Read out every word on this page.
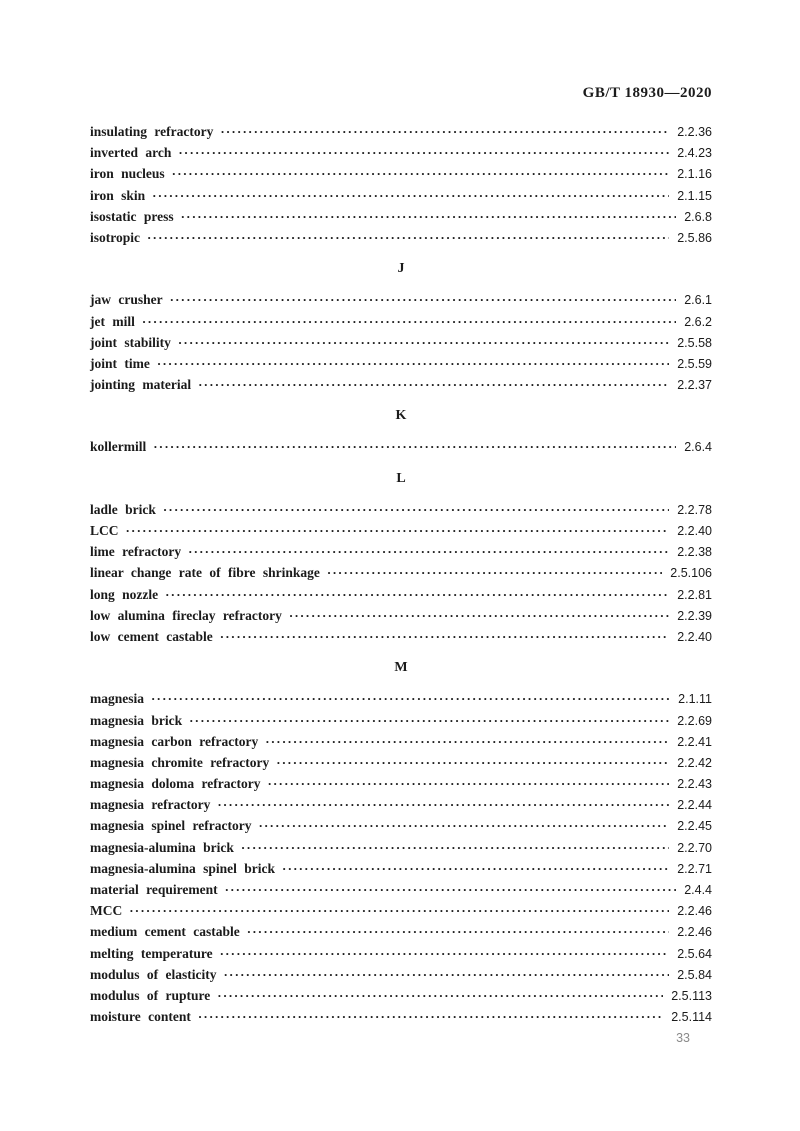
GB/T 18930—2020
insulating refractory ·····	2.2.36
inverted arch ·····	2.4.23
iron nucleus ·····	2.1.16
iron skin ·····	2.1.15
isostatic press ·····	2.6.8
isotropic ·····	2.5.86
J
jaw crusher ·····	2.6.1
jet mill ·····	2.6.2
joint stability ·····	2.5.58
joint time ·····	2.5.59
jointing material ·····	2.2.37
K
kollermill ·····	2.6.4
L
ladle brick ·····	2.2.78
LCC ·····	2.2.40
lime refractory ·····	2.2.38
linear change rate of fibre shrinkage ·····	2.5.106
long nozzle ·····	2.2.81
low alumina fireclay refractory ·····	2.2.39
low cement castable ·····	2.2.40
M
magnesia ·····	2.1.11
magnesia brick ·····	2.2.69
magnesia carbon refractory ·····	2.2.41
magnesia chromite refractory ·····	2.2.42
magnesia doloma refractory ·····	2.2.43
magnesia refractory ·····	2.2.44
magnesia spinel refractory ·····	2.2.45
magnesia-alumina brick ·····	2.2.70
magnesia-alumina spinel brick ·····	2.2.71
material requirement ·····	2.4.4
MCC ·····	2.2.46
medium cement castable ·····	2.2.46
melting temperature ·····	2.5.64
modulus of elasticity ·····	2.5.84
modulus of rupture ·····	2.5.113
moisture content ·····	2.5.114
33
